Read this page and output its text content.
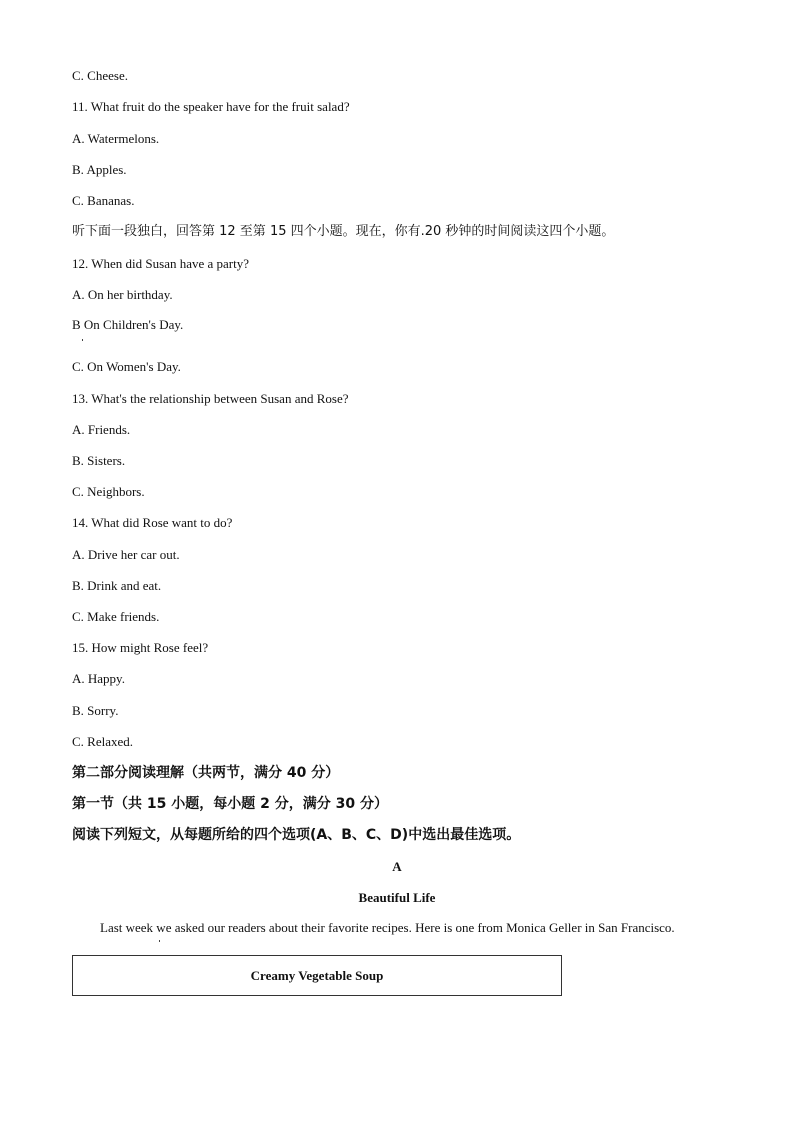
C. Cheese.
11. What fruit do the speaker have for the fruit salad?
A. Watermelons.
B. Apples.
C. Bananas.
听下面一段独白，回答第 12 至第 15 四个小题。现在，你有.20 秒钟的时间阅读这四个小题。
12. When did Susan have a party?
A. On her birthday.
B On Children's Day.
C. On Women's Day.
13. What's the relationship between Susan and Rose?
A. Friends.
B. Sisters.
C. Neighbors.
14. What did Rose want to do?
A. Drive her car out.
B. Drink and eat.
C. Make friends.
15. How might Rose feel?
A. Happy.
B. Sorry.
C. Relaxed.
第二部分阅读理解（共两节，满分 40 分）
第一节（共 15 小题，每小题 2 分，满分 30 分）
阅读下列短文，从每题所给的四个选项(A、B、C、D)中选出最佳选项。
A
Beautiful Life
Last week we asked our readers about their favorite recipes. Here is one from Monica Geller in San Francisco.
Creamy Vegetable Soup
